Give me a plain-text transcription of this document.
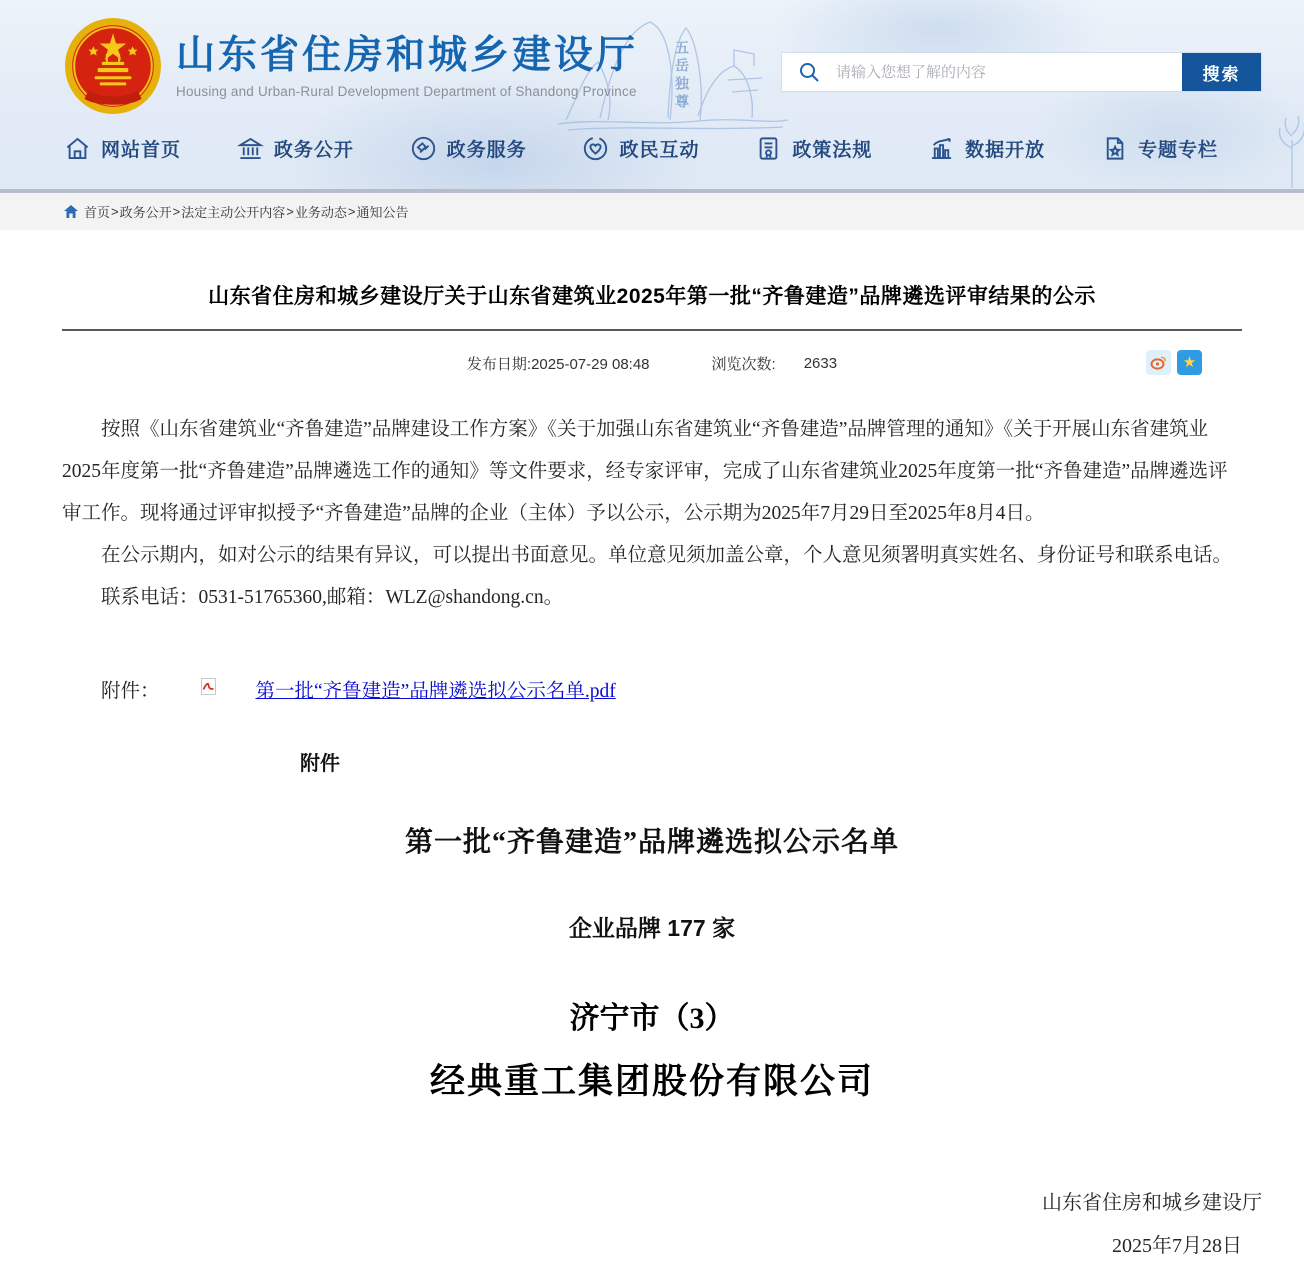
五岳独尊
山东省住房和城乡建设厅
Housing and Urban-Rural Development Department of Shandong Province
请输入您想了解的内容
搜索
网站首页	政务公开	政务服务	政民互动	政策法规	数据开放	专题专栏
首页 > 政务公开 > 法定主动公开内容 > 业务动态 > 通知公告
山东省住房和城乡建设厅关于山东省建筑业2025年第一批“齐鲁建造”品牌遴选评审结果的公示
发布日期:2025-07-29 08:48	浏览次数: 2633	★

按照《山东省建筑业“齐鲁建造”品牌建设工作方案》《关于加强山东省建筑业“齐鲁建造”品牌管理的通知》《关于开展山东省建筑业2025年度第一批“齐鲁建造”品牌遴选工作的通知》等文件要求，经专家评审，完成了山东省建筑业2025年度第一批“齐鲁建造”品牌遴选评审工作。现将通过评审拟授予“齐鲁建造”品牌的企业（主体）予以公示，公示期为2025年7月29日至2025年8月4日。

在公示期内，如对公示的结果有异议，可以提出书面意见。单位意见须加盖公章，个人意见须署明真实姓名、身份证号和联系电话。

联系电话：0531-51765360,邮箱：WLZ@shandong.cn。

附件：	第一批“齐鲁建造”品牌遴选拟公示名单.pdf
附件
第一批“齐鲁建造”品牌遴选拟公示名单
企业品牌 177 家
济宁市（3）
经典重工集团股份有限公司
山东省住房和城乡建设厅
2025年7月28日
